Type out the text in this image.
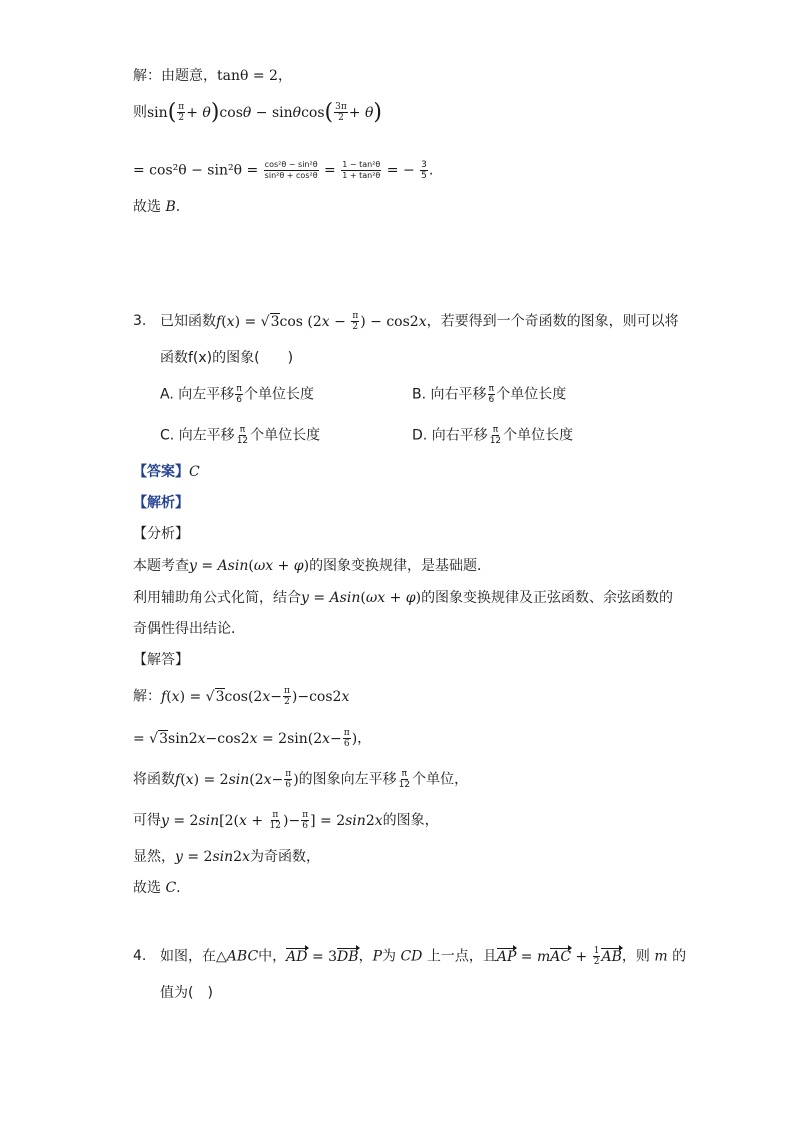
解：由题意，tanθ = 2，
则$\sin( \frac{\pi}{2} + \theta)\cos\theta - \sin\theta\cos( \frac{3\pi}{2} + \theta)$
= $\cos^2\theta - \sin^2\theta = \frac{\text{cos²θ − sin²θ}}{\text{sin²θ + cos²θ}} = \frac{\text{1 − tan²θ}}{\text{1 + tan²θ}}$ = − $\frac{3}{5}$ .
故选 B.
3. 已知函数f(x) = √3cos ($2x - \frac{\pi}{2}$ ) − cos2x，若要得到一个奇函数的图象，则可以将
函数f(x)的图象(　　)
A. 向左平移 $\frac{\pi}{6}$ 个单位长度	B. 向右平移 $\frac{\pi}{6}$ 个单位长度
C. 向左平移 $\frac{\pi}{12}$ 个单位长度	D. 向右平移 $\frac{\pi}{12}$ 个单位长度
【答案】C
【解析】
【分析】
本题考查y = Asin(ωx + φ)的图象变换规律，是基础题．
利用辅助角公式化简，结合y = Asin(ωx + φ)的图象变换规律及正弦函数、余弦函数的
奇偶性得出结论．
【解答】
解：$f(x) = √3\cos(2x- \frac{\pi}{2} )-\cos 2x$
= $√3\sin 2x-\cos 2x = 2\sin(2x- \frac{\pi}{6}$ )，
将函数$f(x) = 2\sin(2x- \frac{\pi}{6}$ )的图象向左平移 $\frac{\pi}{12}$ 个单位，
可得$y = 2\sin[2(x + \frac{\pi}{12}$ )− $\frac{\pi}{6}$ ] = 2sin2x的图象，
显然，y = 2sin2x为奇函数，
故选 C.
4. 如图，在△ABC中，AD = 3DB，P为 CD 上一点，且AP = mAC + $\frac{1}{2}$ AB，则 m 的
值为(　)
